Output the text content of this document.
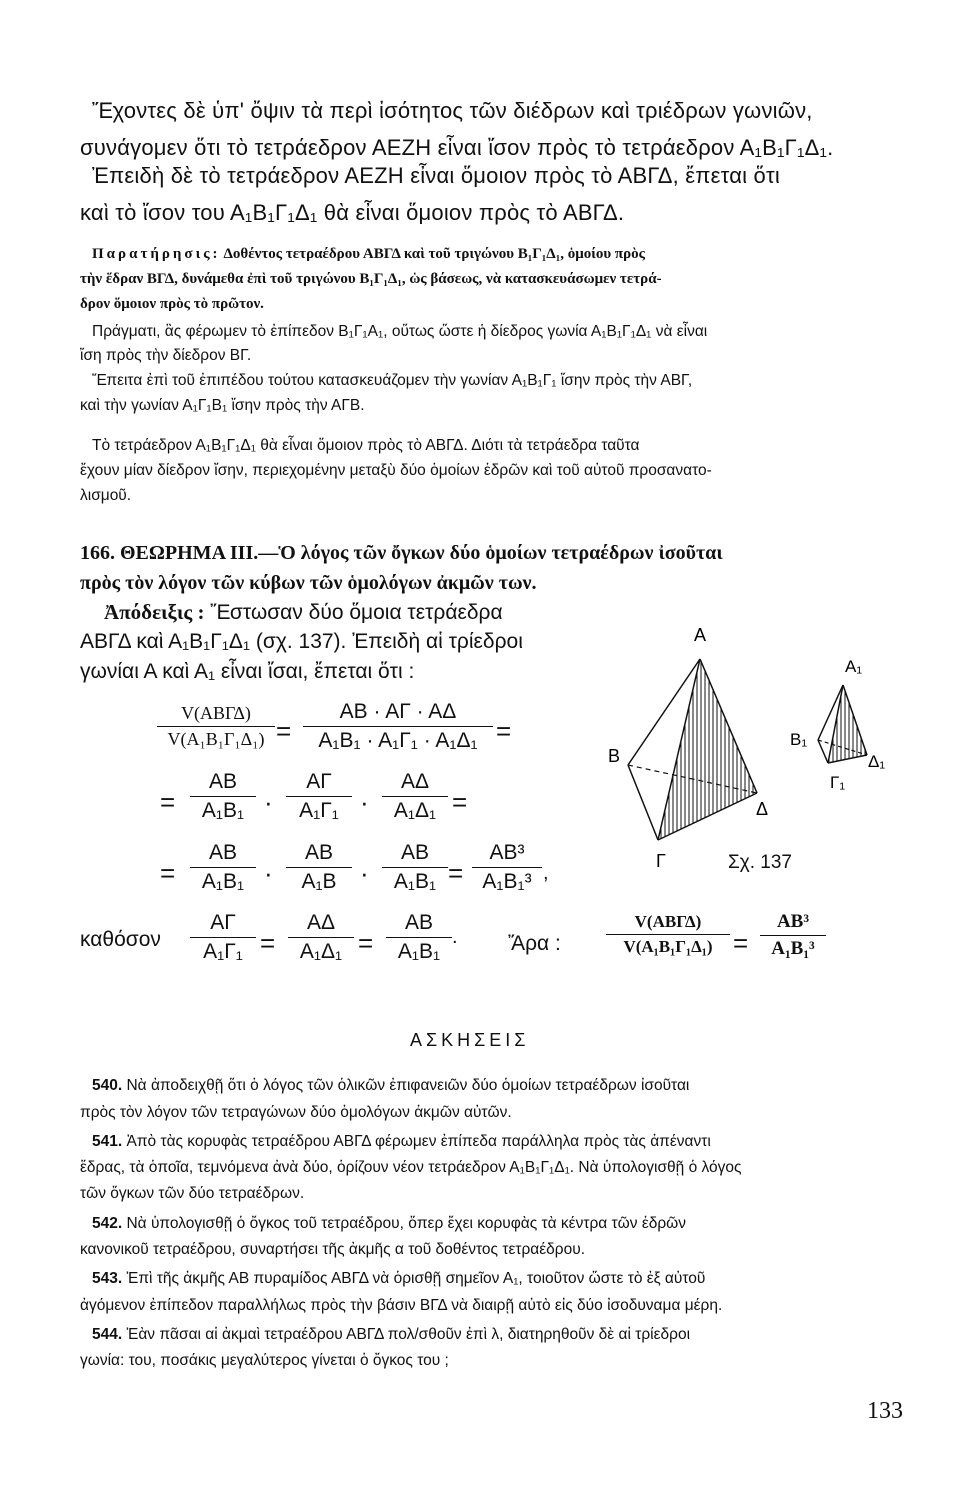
Ἔχοντες δὲ ὑπ' ὄψιν τὰ περὶ ἰσότητος τῶν διέδρων καὶ τριέδρων γωνιῶν,
συνάγομεν ὅτι τὸ τετράεδρον ΑΕΖΗ εἶναι ἴσον πρὸς τὸ τετράεδρον Α₁Β₁Γ₁Δ₁.
Ἐπειδὴ δὲ τὸ τετράεδρον ΑΕΖΗ εἶναι ὅμοιον πρὸς τὸ ΑΒΓΔ, ἔπεται ὅτι
καὶ τὸ ἴσον του Α₁Β₁Γ₁Δ₁ θὰ εἶναι ὅμοιον πρὸς τὸ ΑΒΓΔ.
Παρατήρησις: Δοθέντος τετραέδρου ΑΒΓΔ καὶ τοῦ τριγώνου Β₁Γ₁Δ₁, ὁμοίου πρὸς
τὴν ἕδραν ΒΓΔ, δυνάμεθα ἐπὶ τοῦ τριγώνου Β₁Γ₁Δ₁, ὡς βάσεως, νὰ κατασκευάσωμεν τετρά-
δρον ὅμοιον πρὸς τὸ πρῶτον.
Πράγματι, ἃς φέρωμεν τὸ ἐπίπεδον Β₁Γ₁Α₁, οὕτως ὥστε ἡ δίεδρος γωνία Α₁Β₁Γ₁Δ₁ νὰ εἶναι
ἴση πρὸς τὴν δίεδρον ΒΓ.
Ἔπειτα ἐπὶ τοῦ ἐπιπέδου τούτου κατασκευάζομεν τὴν γωνίαν Α₁Β₁Γ₁ ἴσην πρὸς τὴν ΑΒΓ,
καὶ τὴν γωνίαν Α₁Γ₁Β₁ ἴσην πρὸς τὴν ΑΓΒ.
Τὸ τετράεδρον Α₁Β₁Γ₁Δ₁ θὰ εἶναι ὅμοιον πρὸς τὸ ΑΒΓΔ. Διότι τὰ τετράεδρα ταῦτα
ἔχουν μίαν δίεδρον ἴσην, περιεχομένην μεταξὺ δύο ὁμοίων ἑδρῶν καὶ τοῦ αὐτοῦ προσανατο-
λισμοῦ.
166. ΘΕΩΡΗΜΑ ΙΙΙ.—Ὁ λόγος τῶν ὄγκων δύο ὁμοίων τετραέδρων ἰσοῦται
πρὸς τὸν λόγον τῶν κύβων τῶν ὁμολόγων ἀκμῶν των.
Ἀπόδειξις : Ἔστωσαν δύο ὅμοια τετράεδρα
ΑΒΓΔ καὶ Α₁Β₁Γ₁Δ₁ (σχ. 137). Ἐπειδὴ αἱ τρίεδροι
γωνίαι Α καὶ Α₁ εἶναι ἴσαι, ἔπεται ὅτι :
V(ΑΒΓΔ)
V(Α₁Β₁Γ₁Δ₁) =
ΑΒ · ΑΓ · ΑΔ
Α₁Β₁ · Α₁Γ₁ · Α₁Δ₁ =
=
ΑΒ
Α₁Β₁ ·
ΑΓ
Α₁Γ₁ ·
ΑΔ
Α₁Δ₁ =
=
ΑΒ
Α₁Β₁ ·
ΑΒ
Α₁Β ·
ΑΒ
Α₁Β₁ =
ΑΒ³
Α₁Β₁³ ,
καθόσον
ΑΓ
Α₁Γ₁ =
ΑΔ
Α₁Δ₁ =
ΑΒ
Α₁Β₁
. Ἄρα :
V(ΑΒΓΔ)
V(Α₁Β₁Γ₁Δ₁) =
ΑΒ³
Α₁Β₁³
Α
Β
Γ
Δ
Α₁
Β₁
Γ₁
Δ₁
Σχ. 137
ΑΣΚΗΣΕΙΣ
540. Νὰ ἀποδειχθῇ ὅτι ὁ λόγος τῶν ὁλικῶν ἐπιφανειῶν δύο ὁμοίων τετραέδρων ἰσοῦται
πρὸς τὸν λόγον τῶν τετραγώνων δύο ὁμολόγων ἀκμῶν αὐτῶν.
541. Ἀπὸ τὰς κορυφὰς τετραέδρου ΑΒΓΔ φέρωμεν ἐπίπεδα παράλληλα πρὸς τὰς ἀπέναντι
ἕδρας, τὰ ὁποῖα, τεμνόμενα ἀνὰ δύο, ὁρίζουν νέον τετράεδρον Α₁Β₁Γ₁Δ₁. Νὰ ὑπολογισθῇ ὁ λόγος
τῶν ὄγκων τῶν δύο τετραέδρων.
542. Νὰ ὑπολογισθῇ ὁ ὄγκος τοῦ τετραέδρου, ὅπερ ἔχει κορυφὰς τὰ κέντρα τῶν ἑδρῶν
κανονικοῦ τετραέδρου, συναρτήσει τῆς ἀκμῆς α τοῦ δοθέντος τετραέδρου.
543. Ἐπὶ τῆς ἀκμῆς ΑΒ πυραμίδος ΑΒΓΔ νὰ ὁρισθῇ σημεῖον Α₁, τοιοῦτον ὥστε τὸ ἐξ αὐτοῦ
ἀγόμενον ἐπίπεδον παραλλήλως πρὸς τὴν βάσιν ΒΓΔ νὰ διαιρῇ αὐτὸ εἰς δύο ἰσοδυναμα μέρη.
544. Ἐὰν πᾶσαι αἱ ἀκμαὶ τετραέδρου ΑΒΓΔ πολ/σθοῦν ἐπὶ λ, διατηρηθοῦν δὲ αἱ τρίεδροι
γωνία: του, ποσάκις μεγαλύτερος γίνεται ὁ ὄγκος του ;
133
